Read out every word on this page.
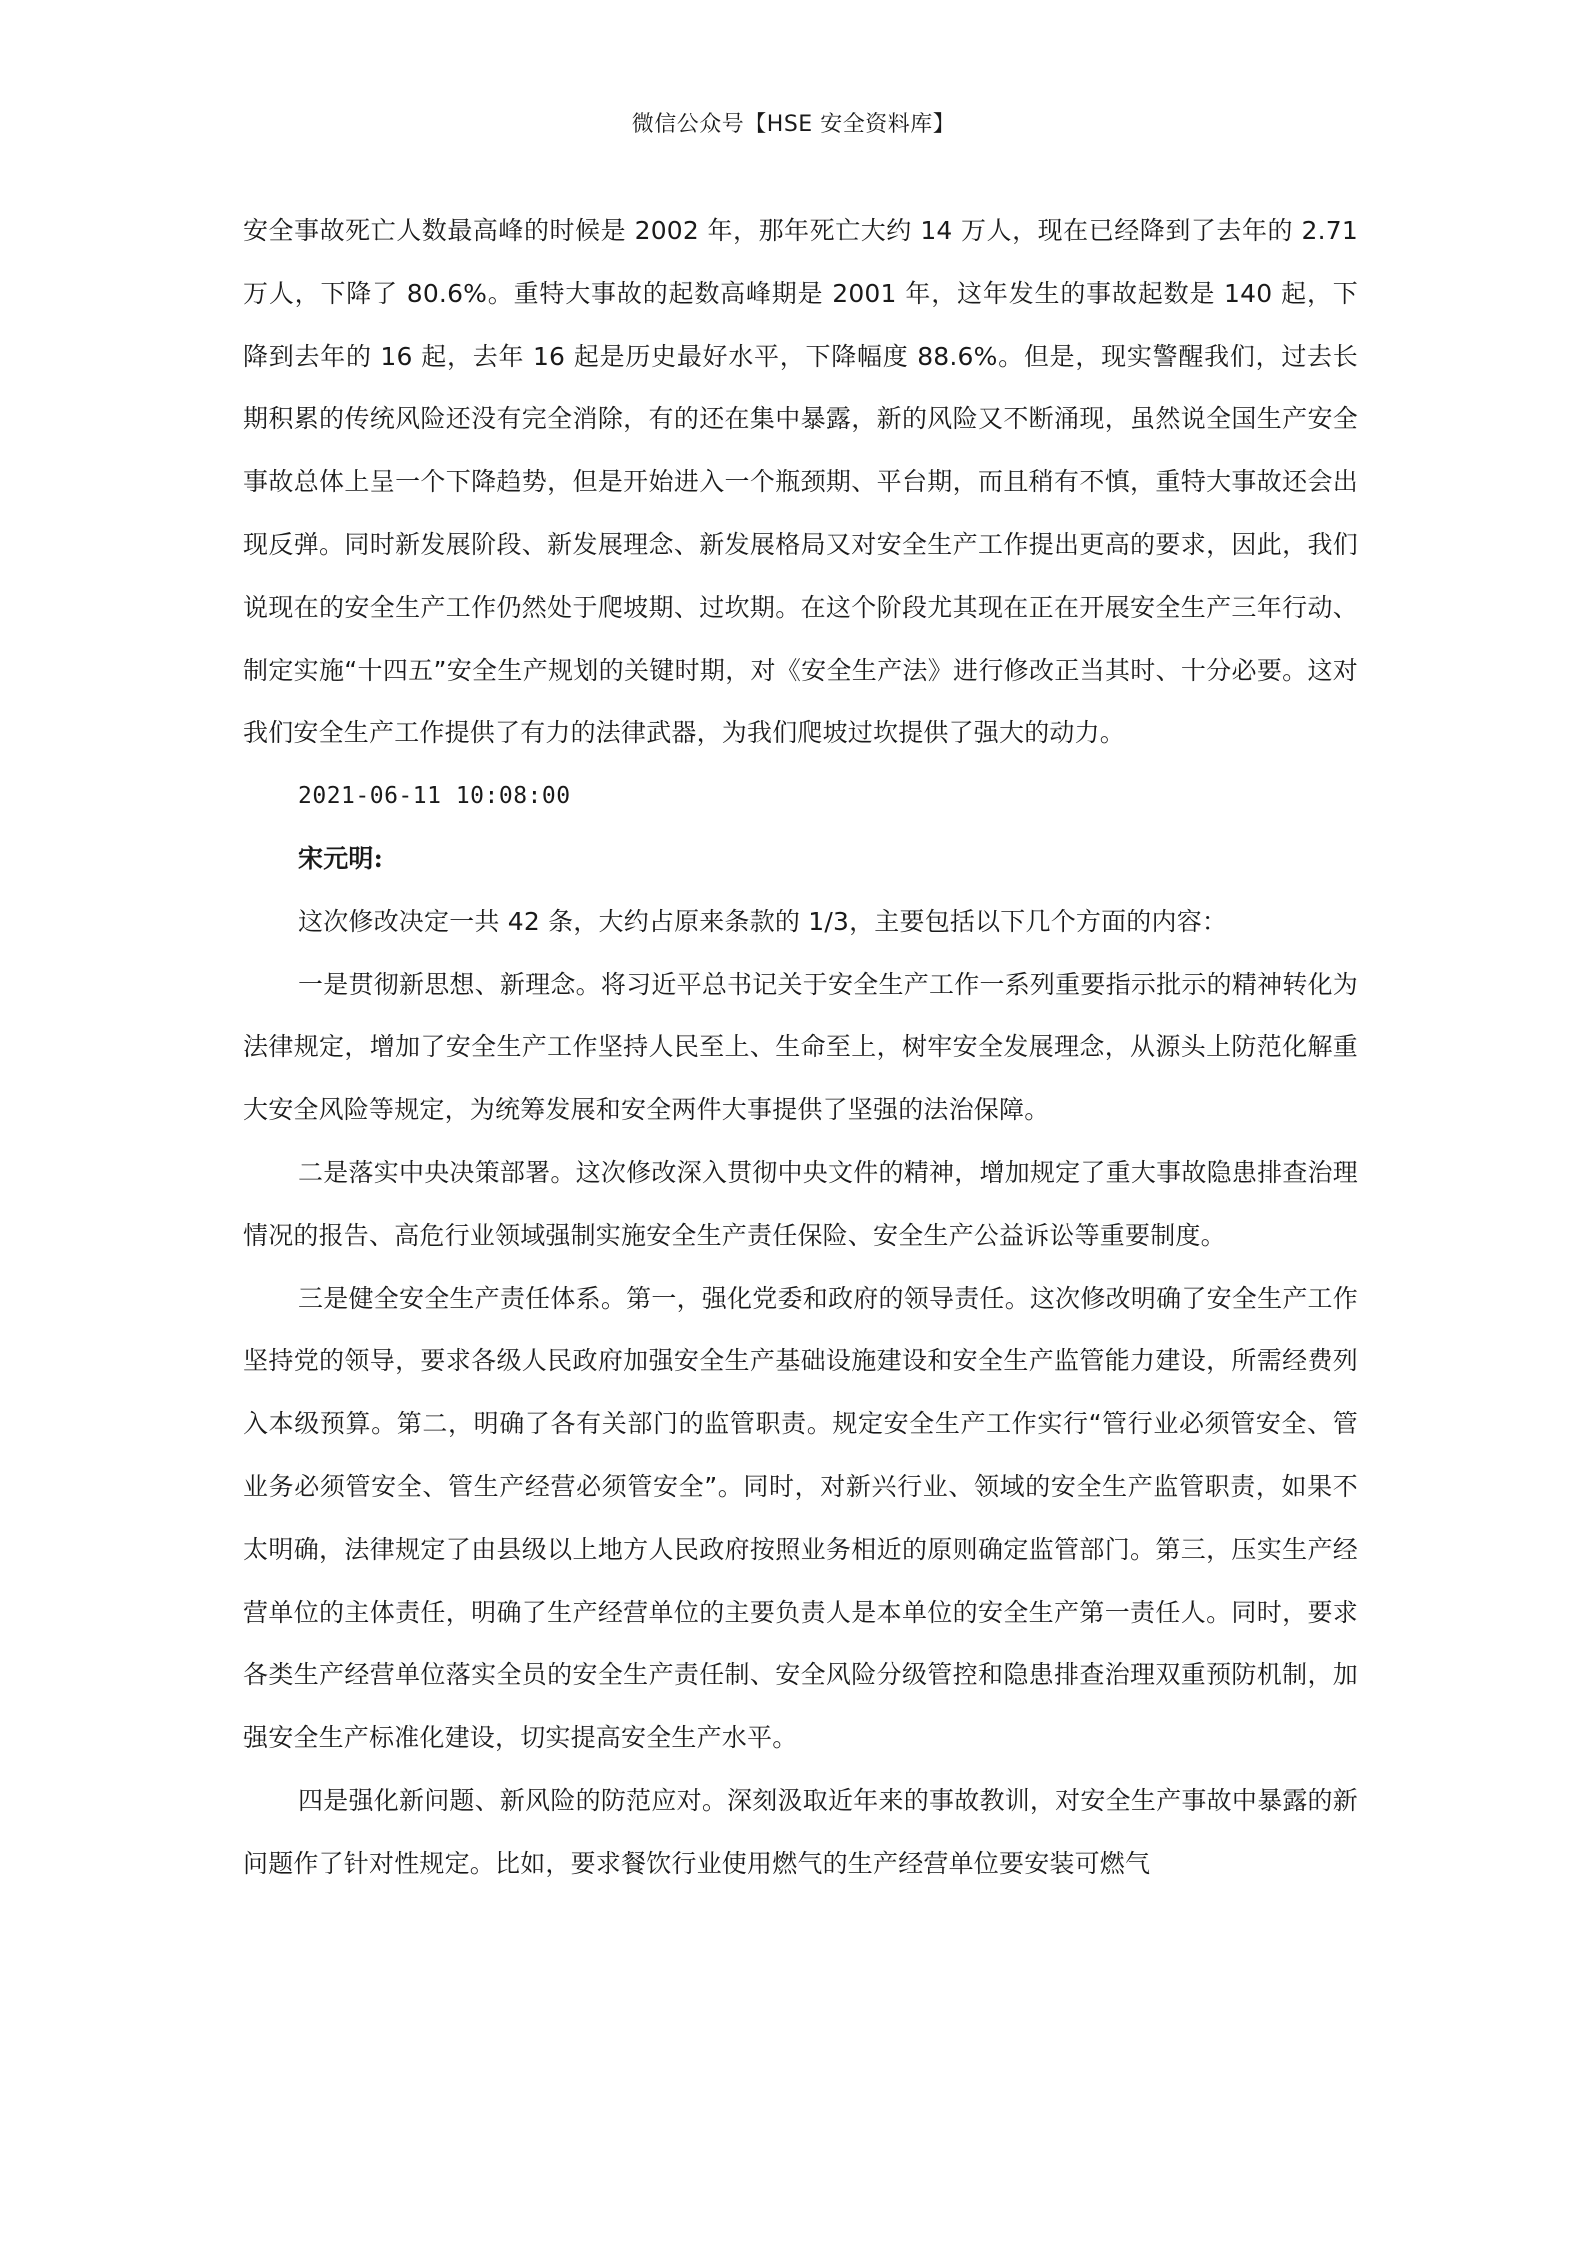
微信公众号【HSE 安全资料库】

安全事故死亡人数最高峰的时候是 2002 年，那年死亡大约 14 万人，现在已经降到了去年的 2.71 万人，下降了 80.6%。重特大事故的起数高峰期是 2001 年，这年发生的事故起数是 140 起，下降到去年的 16 起，去年 16 起是历史最好水平，下降幅度 88.6%。但是，现实警醒我们，过去长期积累的传统风险还没有完全消除，有的还在集中暴露，新的风险又不断涌现，虽然说全国生产安全事故总体上呈一个下降趋势，但是开始进入一个瓶颈期、平台期，而且稍有不慎，重特大事故还会出现反弹。同时新发展阶段、新发展理念、新发展格局又对安全生产工作提出更高的要求，因此，我们说现在的安全生产工作仍然处于爬坡期、过坎期。在这个阶段尤其现在正在开展安全生产三年行动、制定实施“十四五”安全生产规划的关键时期，对《安全生产法》进行修改正当其时、十分必要。这对我们安全生产工作提供了有力的法律武器，为我们爬坡过坎提供了强大的动力。

2021-06-11 10:08:00

宋元明:

这次修改决定一共 42 条，大约占原来条款的 1/3，主要包括以下几个方面的内容：

一是贯彻新思想、新理念。将习近平总书记关于安全生产工作一系列重要指示批示的精神转化为法律规定，增加了安全生产工作坚持人民至上、生命至上，树牢安全发展理念，从源头上防范化解重大安全风险等规定，为统筹发展和安全两件大事提供了坚强的法治保障。

二是落实中央决策部署。这次修改深入贯彻中央文件的精神，增加规定了重大事故隐患排查治理情况的报告、高危行业领域强制实施安全生产责任保险、安全生产公益诉讼等重要制度。

三是健全安全生产责任体系。第一，强化党委和政府的领导责任。这次修改明确了安全生产工作坚持党的领导，要求各级人民政府加强安全生产基础设施建设和安全生产监管能力建设，所需经费列入本级预算。第二，明确了各有关部门的监管职责。规定安全生产工作实行“管行业必须管安全、管业务必须管安全、管生产经营必须管安全”。同时，对新兴行业、领域的安全生产监管职责，如果不太明确，法律规定了由县级以上地方人民政府按照业务相近的原则确定监管部门。第三，压实生产经营单位的主体责任，明确了生产经营单位的主要负责人是本单位的安全生产第一责任人。同时，要求各类生产经营单位落实全员的安全生产责任制、安全风险分级管控和隐患排查治理双重预防机制，加强安全生产标准化建设，切实提高安全生产水平。

四是强化新问题、新风险的防范应对。深刻汲取近年来的事故教训，对安全生产事故中暴露的新问题作了针对性规定。比如，要求餐饮行业使用燃气的生产经营单位要安装可燃气
